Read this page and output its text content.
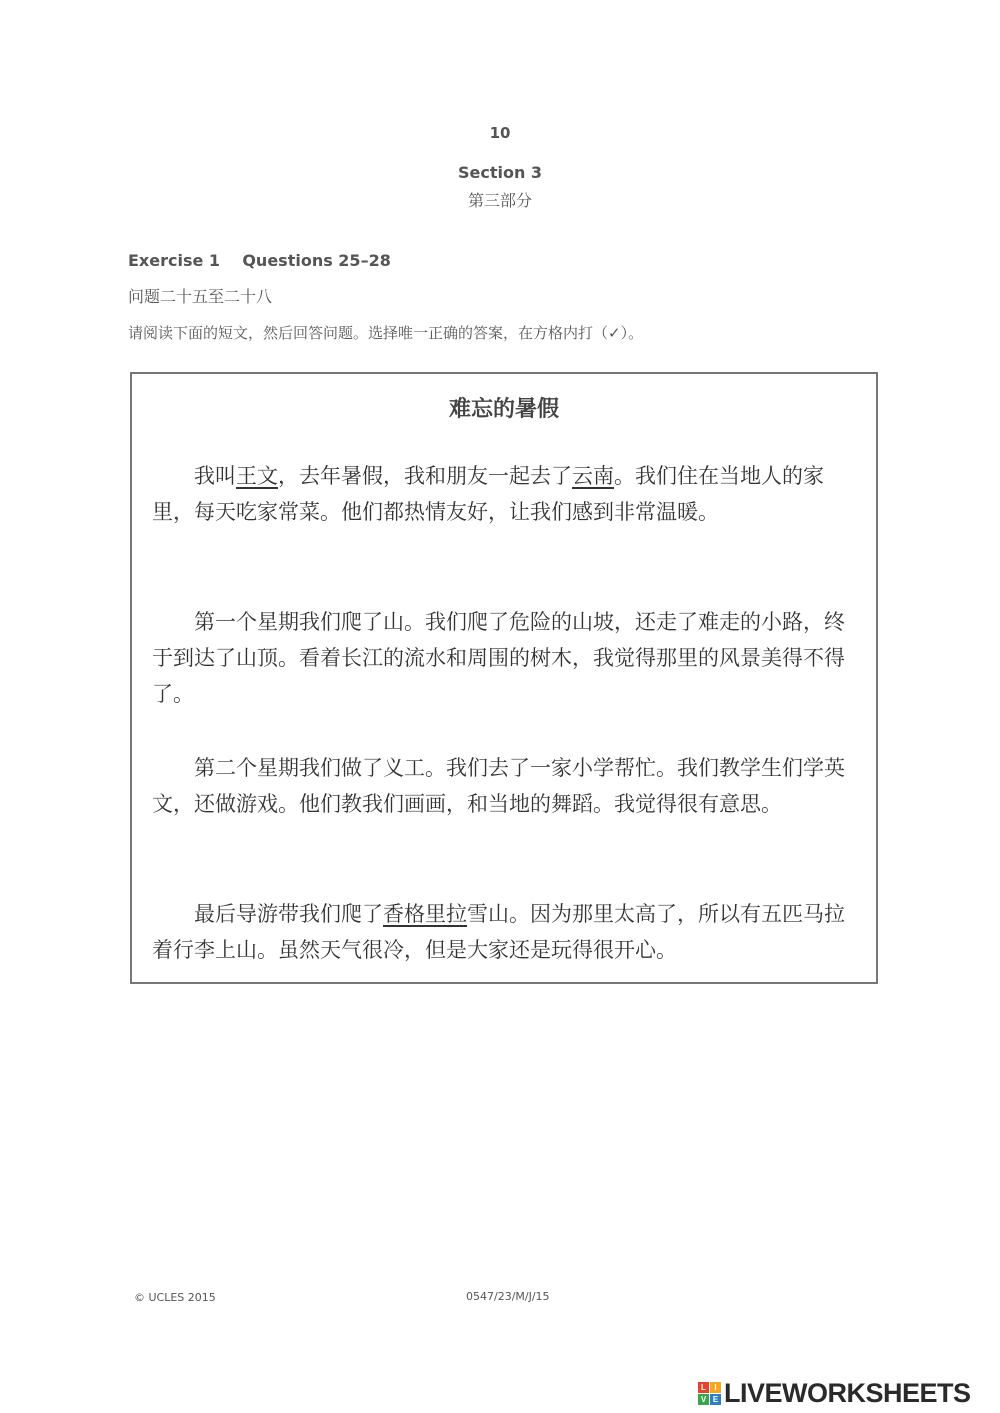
10
Section 3
第三部分
Exercise 1    Questions 25–28
问题二十五至二十八
请阅读下面的短文，然后回答问题。选择唯一正确的答案，在方格内打（✓）。
难忘的暑假
我叫王文，去年暑假，我和朋友一起去了云南。我们住在当地人的家里，每天吃家常菜。他们都热情友好，让我们感到非常温暖。
第一个星期我们爬了山。我们爬了危险的山坡，还走了难走的小路，终于到达了山顶。看着长江的流水和周围的树木，我觉得那里的风景美得不得了。
第二个星期我们做了义工。我们去了一家小学帮忙。我们教学生们学英文，还做游戏。他们教我们画画，和当地的舞蹈。我觉得很有意思。
最后导游带我们爬了香格里拉雪山。因为那里太高了，所以有五匹马拉着行李上山。虽然天气很冷，但是大家还是玩得很开心。
© UCLES 2015	0547/23/M/J/15
L	I
V E LIVEWORKSHEETS
